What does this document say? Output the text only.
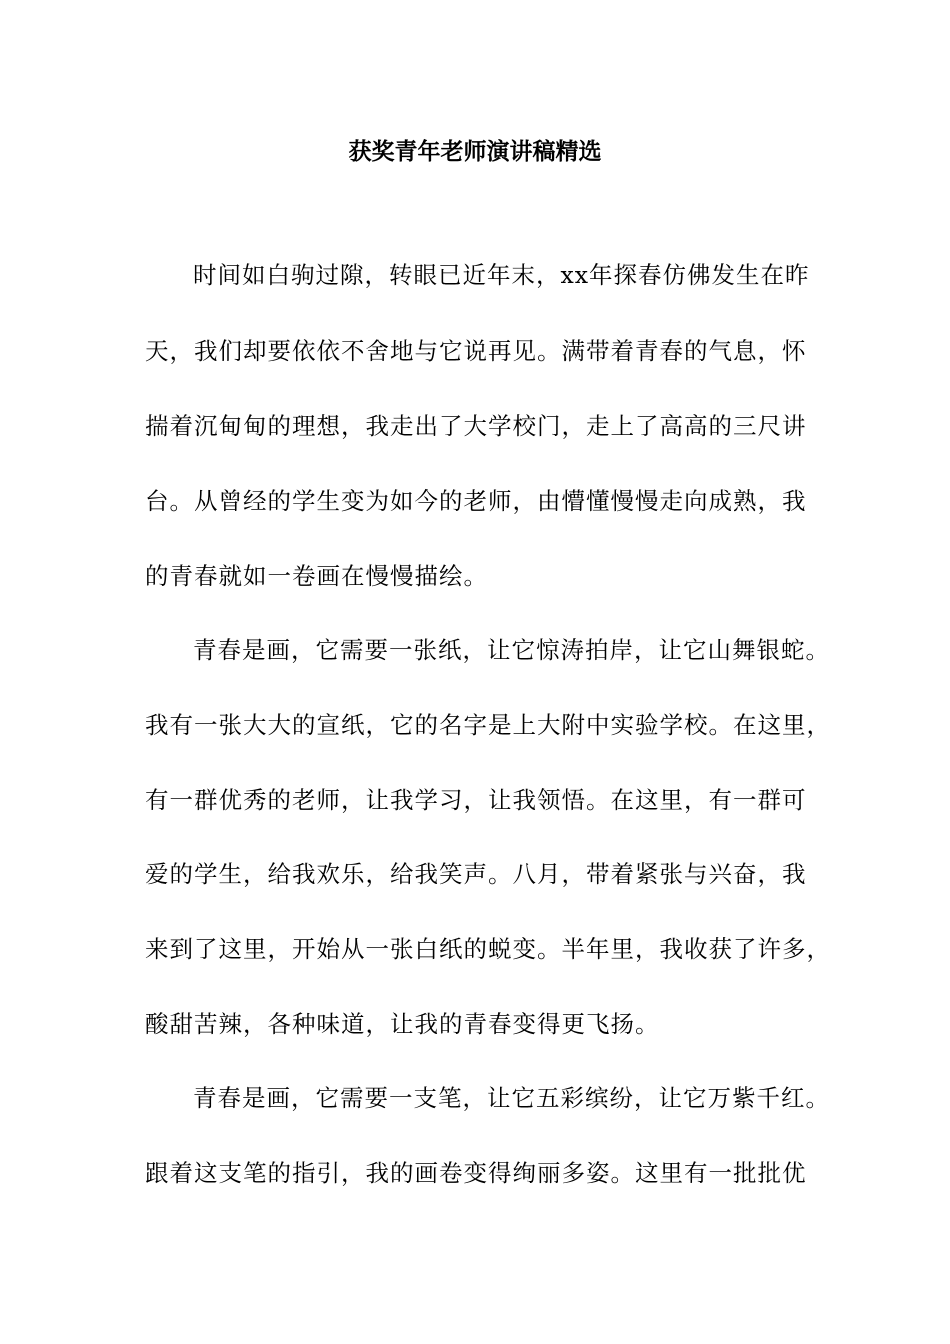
获奖青年老师演讲稿精选
时间如白驹过隙，转眼已近年末，xx年探春仿佛发生在昨
天，我们却要依依不舍地与它说再见。满带着青春的气息，怀
揣着沉甸甸的理想，我走出了大学校门，走上了高高的三尺讲
台。从曾经的学生变为如今的老师，由懵懂慢慢走向成熟，我
的青春就如一卷画在慢慢描绘。
青春是画，它需要一张纸，让它惊涛拍岸，让它山舞银蛇。
我有一张大大的宣纸，它的名字是上大附中实验学校。在这里，
有一群优秀的老师，让我学习，让我领悟。在这里，有一群可
爱的学生，给我欢乐，给我笑声。八月，带着紧张与兴奋，我
来到了这里，开始从一张白纸的蜕变。半年里，我收获了许多，
酸甜苦辣，各种味道，让我的青春变得更飞扬。
青春是画，它需要一支笔，让它五彩缤纷，让它万紫千红。
跟着这支笔的指引，我的画卷变得绚丽多姿。这里有一批批优
